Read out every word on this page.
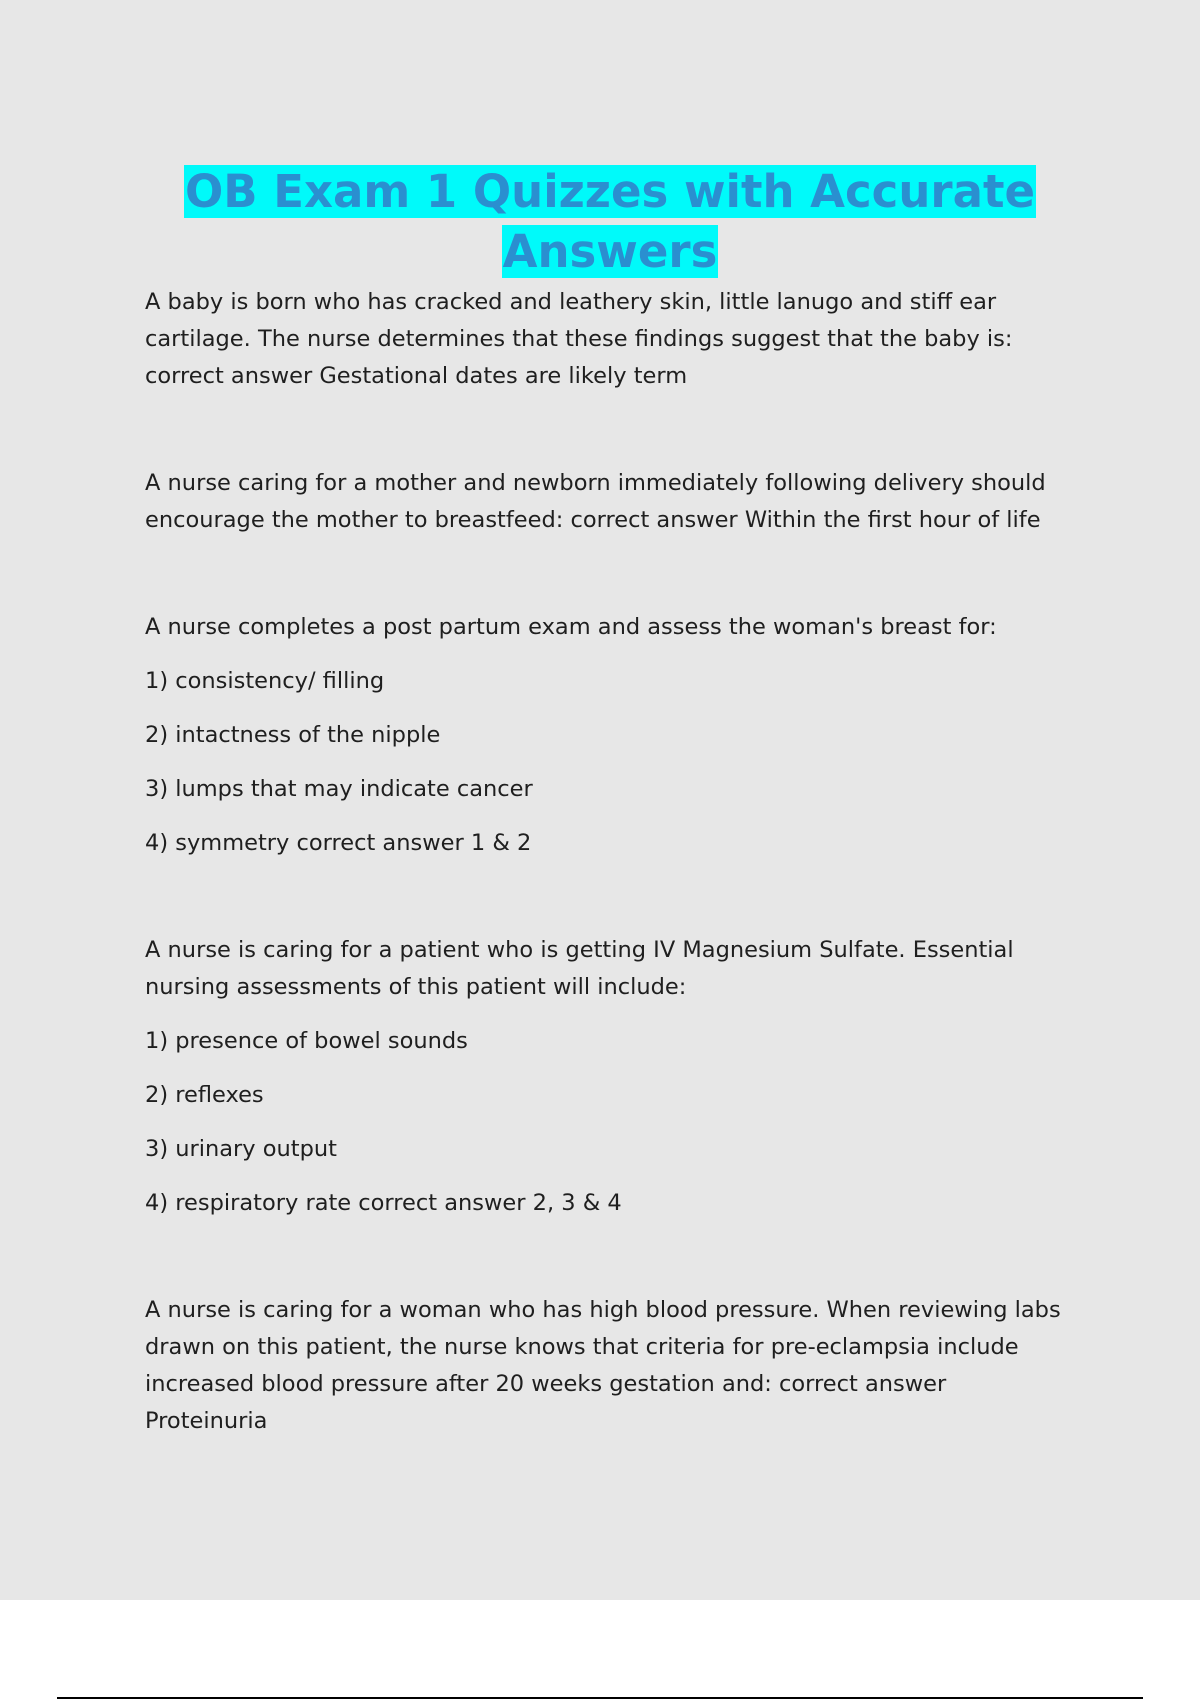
OB Exam 1 Quizzes with Accurate
Answers

A baby is born who has cracked and leathery skin, little lanugo and stiff ear

cartilage. The nurse determines that these findings suggest that the baby is:

correct answer Gestational dates are likely term

A nurse caring for a mother and newborn immediately following delivery should

encourage the mother to breastfeed: correct answer Within the first hour of life

A nurse completes a post partum exam and assess the woman's breast for:

1) consistency/ filling

2) intactness of the nipple

3) lumps that may indicate cancer

4) symmetry correct answer 1 & 2

A nurse is caring for a patient who is getting IV Magnesium Sulfate. Essential

nursing assessments of this patient will include:

1) presence of bowel sounds

2) reflexes

3) urinary output

4) respiratory rate correct answer 2, 3 & 4

A nurse is caring for a woman who has high blood pressure. When reviewing labs

drawn on this patient, the nurse knows that criteria for pre-eclampsia include

increased blood pressure after 20 weeks gestation and: correct answer

Proteinuria
